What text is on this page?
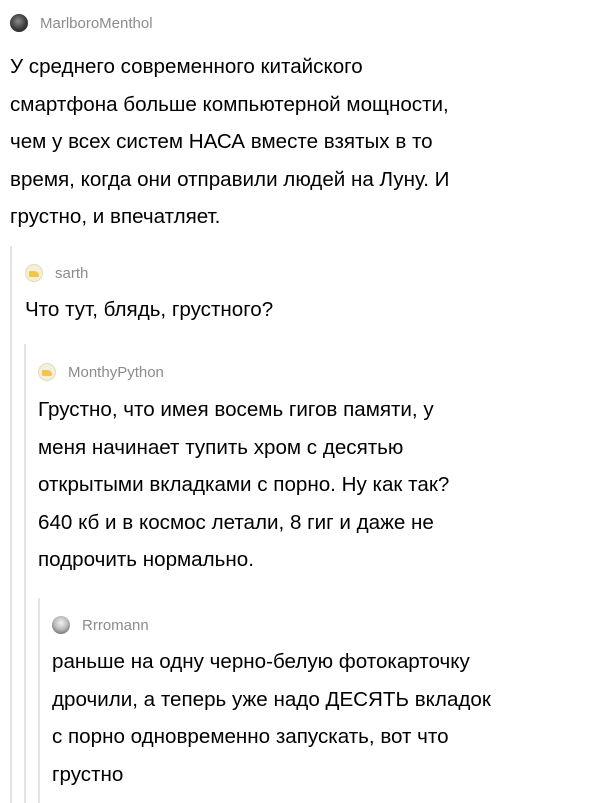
MarlboroMenthol

У среднего современного китайского
смартфона больше компьютерной мощности,
чем у всех систем НАСА вместе взятых в то
время, когда они отправили людей на Луну. И
грустно, и впечатляет.

sarth

Что тут, блядь, грустного?

MonthyPython

Грустно, что имея восемь гигов памяти, у
меня начинает тупить хром с десятью
открытыми вкладками с порно. Ну как так?
640 кб и в космос летали, 8 гиг и даже не
подрочить нормально.

Rrromann

раньше на одну черно-белую фотокарточку
дрочили, а теперь уже надо ДЕСЯТЬ вкладок
с порно одновременно запускать, вот что
грустно
